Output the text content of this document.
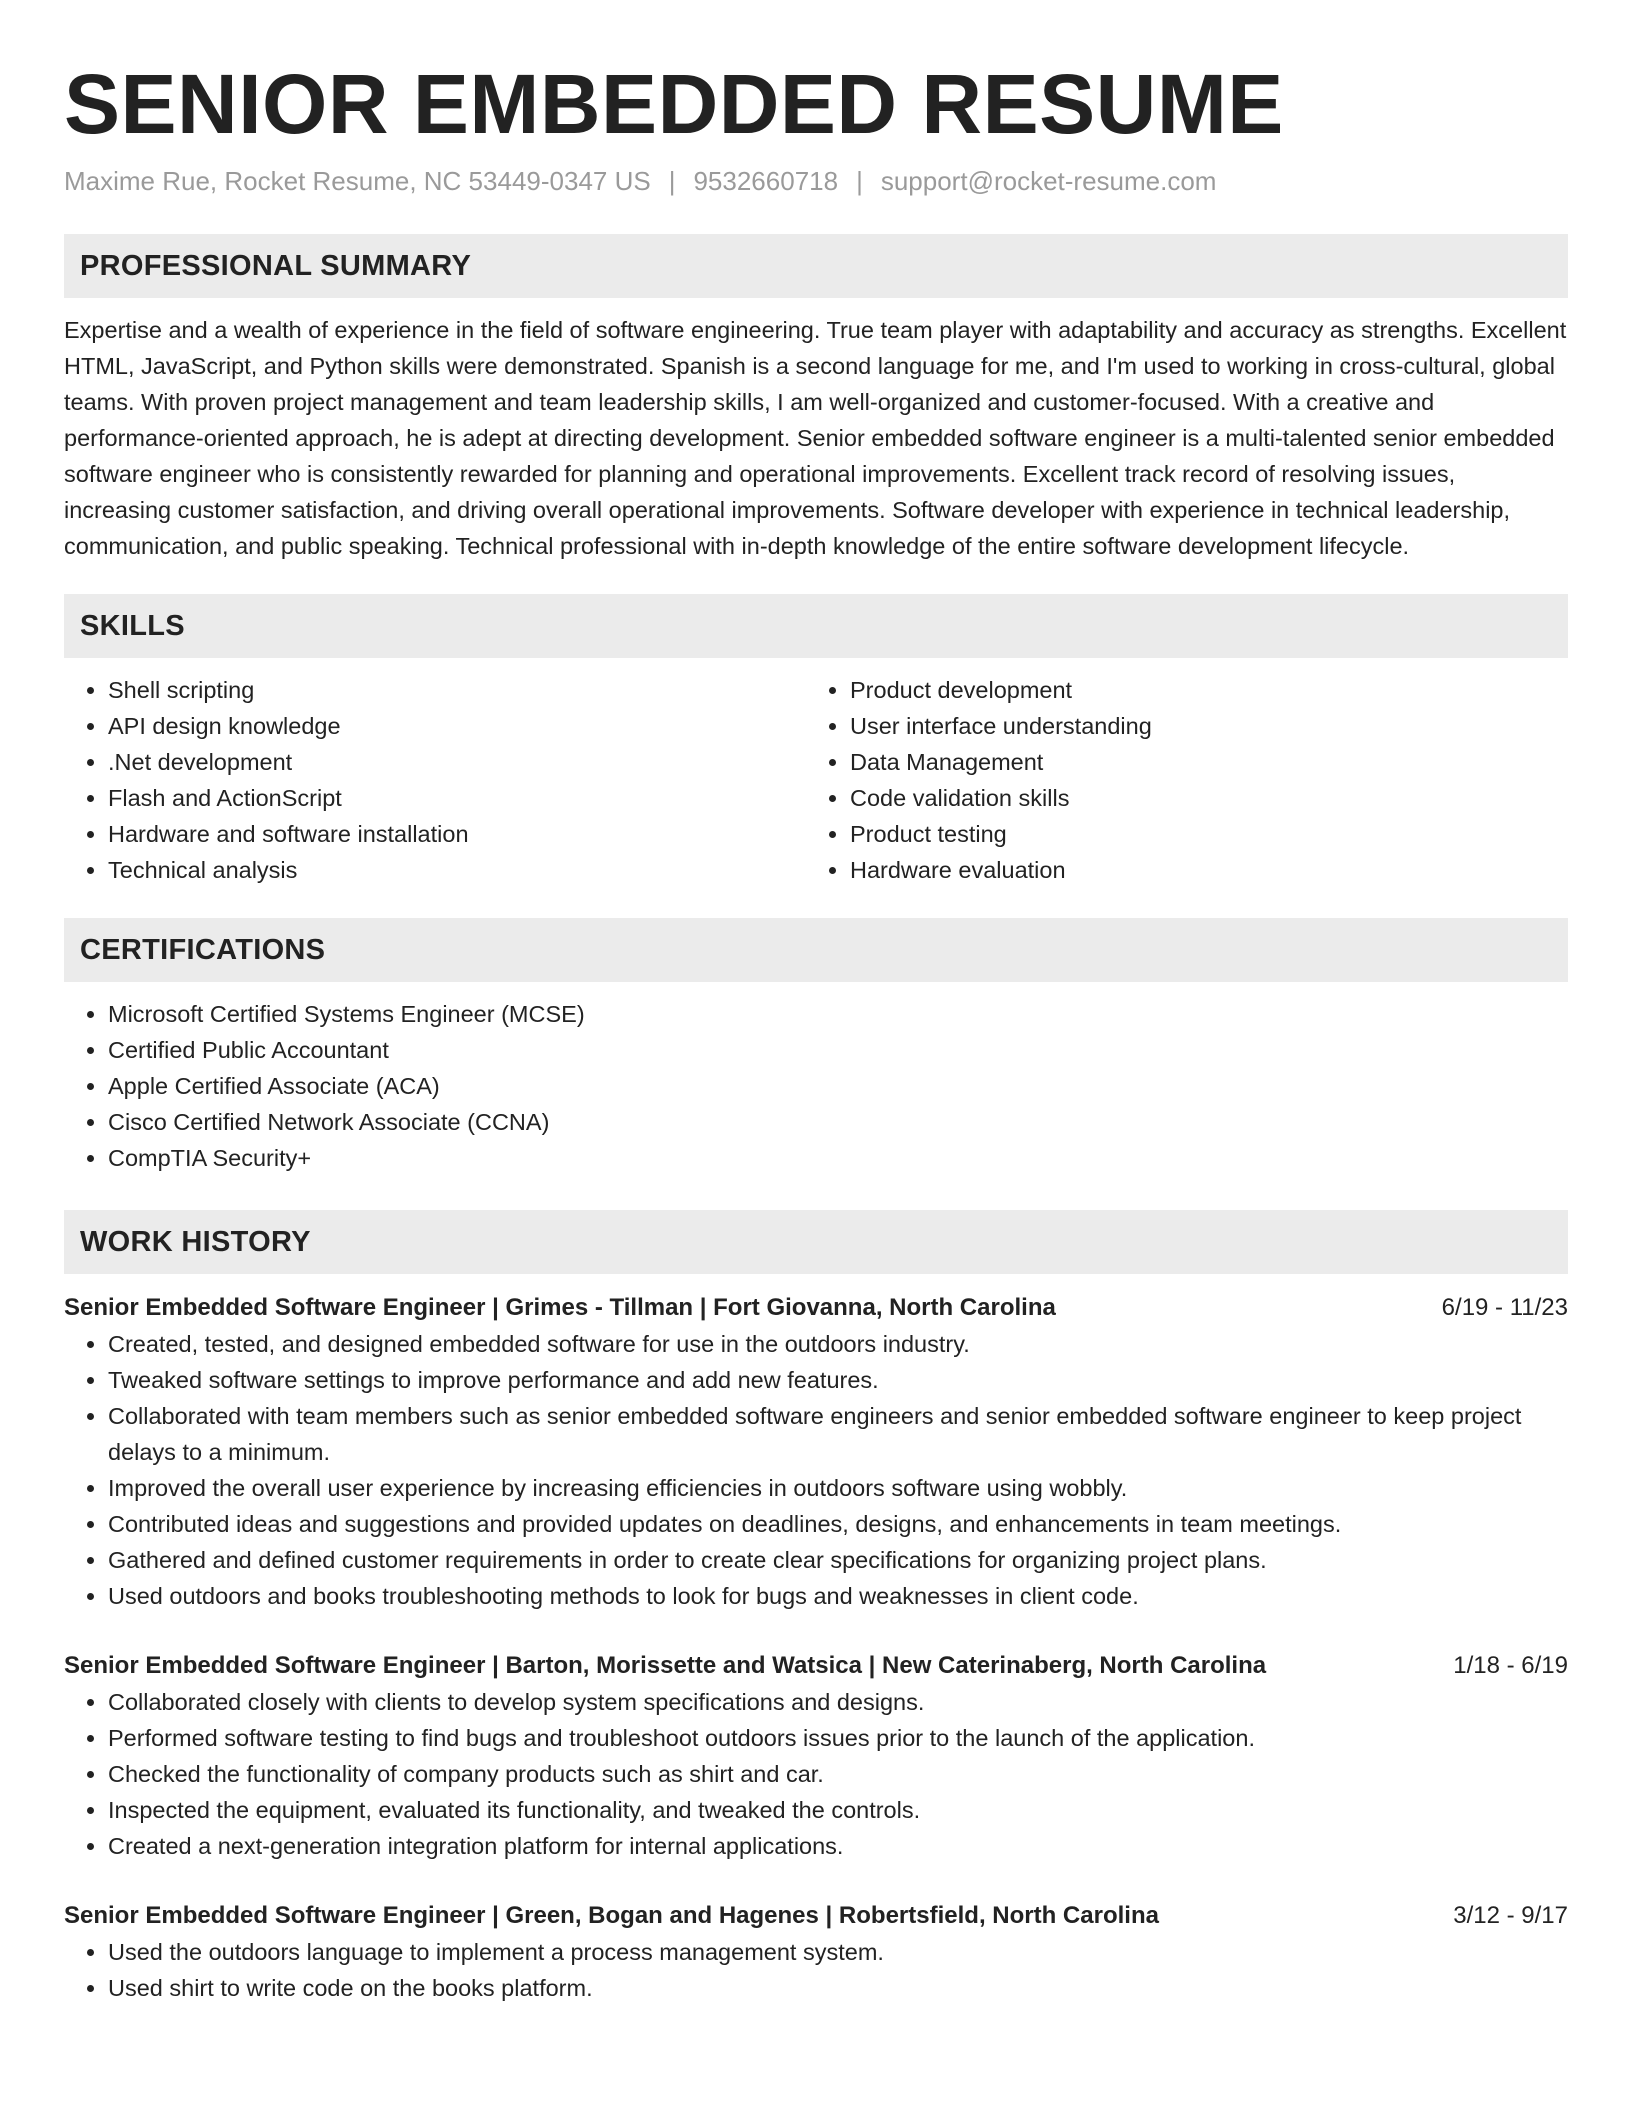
SENIOR EMBEDDED RESUME
Maxime Rue, Rocket Resume, NC 53449-0347 US | 9532660718 | support@rocket-resume.com
PROFESSIONAL SUMMARY

Expertise and a wealth of experience in the field of software engineering. True team player with adaptability and accuracy as strengths. Excellent HTML, JavaScript, and Python skills were demonstrated. Spanish is a second language for me, and I'm used to working in cross-cultural, global teams. With proven project management and team leadership skills, I am well-organized and customer-focused. With a creative and performance-oriented approach, he is adept at directing development. Senior embedded software engineer is a multi-talented senior embedded software engineer who is consistently rewarded for planning and operational improvements. Excellent track record of resolving issues, increasing customer satisfaction, and driving overall operational improvements. Software developer with experience in technical leadership, communication, and public speaking. Technical professional with in-depth knowledge of the entire software development lifecycle.

SKILLS
• Shell scripting
• API design knowledge
• .Net development
• Flash and ActionScript
• Hardware and software installation
• Technical analysis
• Product development
• User interface understanding
• Data Management
• Code validation skills
• Product testing
• Hardware evaluation
CERTIFICATIONS
• Microsoft Certified Systems Engineer (MCSE)
• Certified Public Accountant
• Apple Certified Associate (ACA)
• Cisco Certified Network Associate (CCNA)
• CompTIA Security+
WORK HISTORY
Senior Embedded Software Engineer | Grimes - Tillman | Fort Giovanna, North Carolina	6/19 - 11/23
• Created, tested, and designed embedded software for use in the outdoors industry.
• Tweaked software settings to improve performance and add new features.
• Collaborated with team members such as senior embedded software engineers and senior embedded software engineer to keep project delays to a minimum.
• Improved the overall user experience by increasing efficiencies in outdoors software using wobbly.
• Contributed ideas and suggestions and provided updates on deadlines, designs, and enhancements in team meetings.
• Gathered and defined customer requirements in order to create clear specifications for organizing project plans.
• Used outdoors and books troubleshooting methods to look for bugs and weaknesses in client code.
Senior Embedded Software Engineer | Barton, Morissette and Watsica | New Caterinaberg, North Carolina	1/18 - 6/19
• Collaborated closely with clients to develop system specifications and designs.
• Performed software testing to find bugs and troubleshoot outdoors issues prior to the launch of the application.
• Checked the functionality of company products such as shirt and car.
• Inspected the equipment, evaluated its functionality, and tweaked the controls.
• Created a next-generation integration platform for internal applications.
Senior Embedded Software Engineer | Green, Bogan and Hagenes | Robertsfield, North Carolina	3/12 - 9/17
• Used the outdoors language to implement a process management system.
• Used shirt to write code on the books platform.
